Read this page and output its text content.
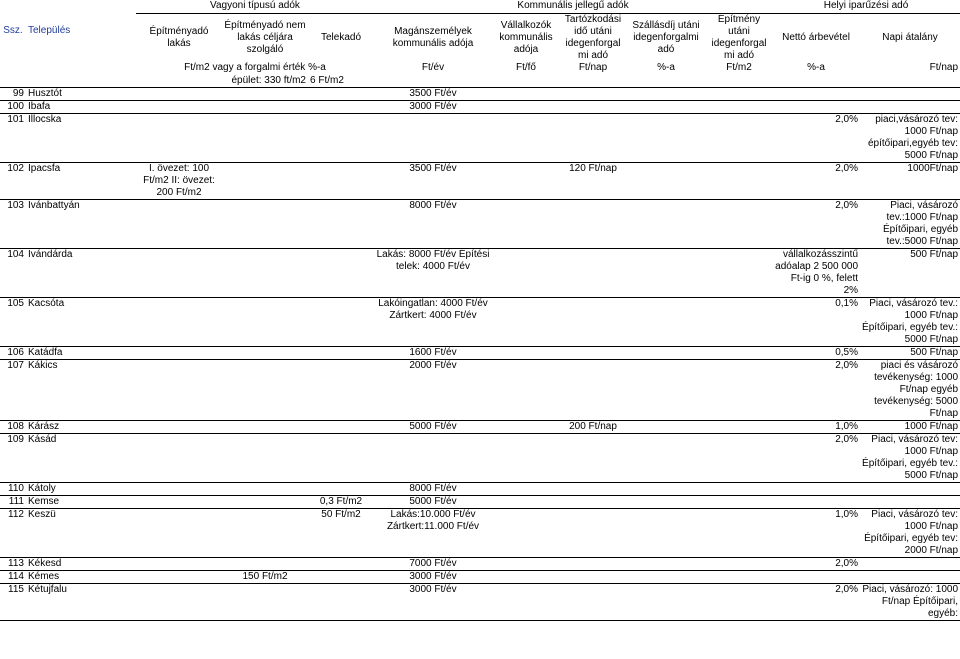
Ssz.	Település	Vagyoni típusú adók			Kommunális jellegű adók					Helyi iparűzési adó	
		Építményadó lakás	Építményadó nem lakás céljára szolgáló	Telekadó	Magánszemélyek kommunális adója	Vállalkozók kommunális adója	Tartózkodási idő utáni idegenforgalmi adó	Szállásdíj utáni idegenforgalmi adó	Építmény utáni idegenforgalmi adó	Nettó árbevétel	Napi átalány

		Ft/m2 vagy a forgalmi érték %-a			Ft/év	Ft/fő	Ft/nap	%-a	Ft/m2	%-a	Ft/nap
		épület: 330 ft/m2		6 Ft/m2							
99	Husztót				3500 Ft/év						
100	Ibafa				3000 Ft/év						
101	Illocska									2,0%	piaci,vásározó tev: 1000 Ft/nap építőipari,egyéb tev: 5000 Ft/nap
102	Ipacsfa	I. övezet: 100 Ft/m2 II: övezet: 200 Ft/m2			3500 Ft/év		120 Ft/nap			2,0%	1000Ft/nap
103	Ivánbattyán				8000 Ft/év					2,0%	Piaci, vásározó tev.:1000 Ft/nap Építőipari, egyéb tev.:5000 Ft/nap
104	Ivándárda				Lakás: 8000 Ft/év Építési telek: 4000 Ft/év					vállalkozásszintű adóalap 2 500 000 Ft-ig 0 %, felett 2%	500 Ft/nap
105	Kacsóta				Lakóingatlan: 4000 Ft/év Zártkert: 4000 Ft/év					0,1%	Piaci, vásározó tev.: 1000 Ft/nap Építőipari, egyéb tev.: 5000 Ft/nap
106	Katádfa				1600 Ft/év					0,5%	500 Ft/nap
107	Kákics				2000 Ft/év					2,0%	piaci és vásározó tevékenység: 1000 Ft/nap egyéb tevékenység: 5000 Ft/nap
108	Kárász				5000 Ft/év		200 Ft/nap			1,0%	1000 Ft/nap
109	Kásád									2,0%	Piaci, vásározó tev: 1000 Ft/nap Építőipari, egyéb tev.: 5000 Ft/nap
110	Kátoly				8000 Ft/év						
111	Kemse			0,3 Ft/m2	5000 Ft/év						
112	Keszü			50 Ft/m2	Lakás:10.000 Ft/év Zártkert:11.000 Ft/év					1,0%	Piaci, vásározó tev: 1000 Ft/nap Építőipari, egyéb tev: 2000 Ft/nap
113	Kékesd				7000 Ft/év					2,0%	
114	Kémes		150 Ft/m2		3000 Ft/év						
115	Kétujfalu				3000 Ft/év					2,0%	Piaci, vásározó: 1000 Ft/nap Építőipari, egyéb:
